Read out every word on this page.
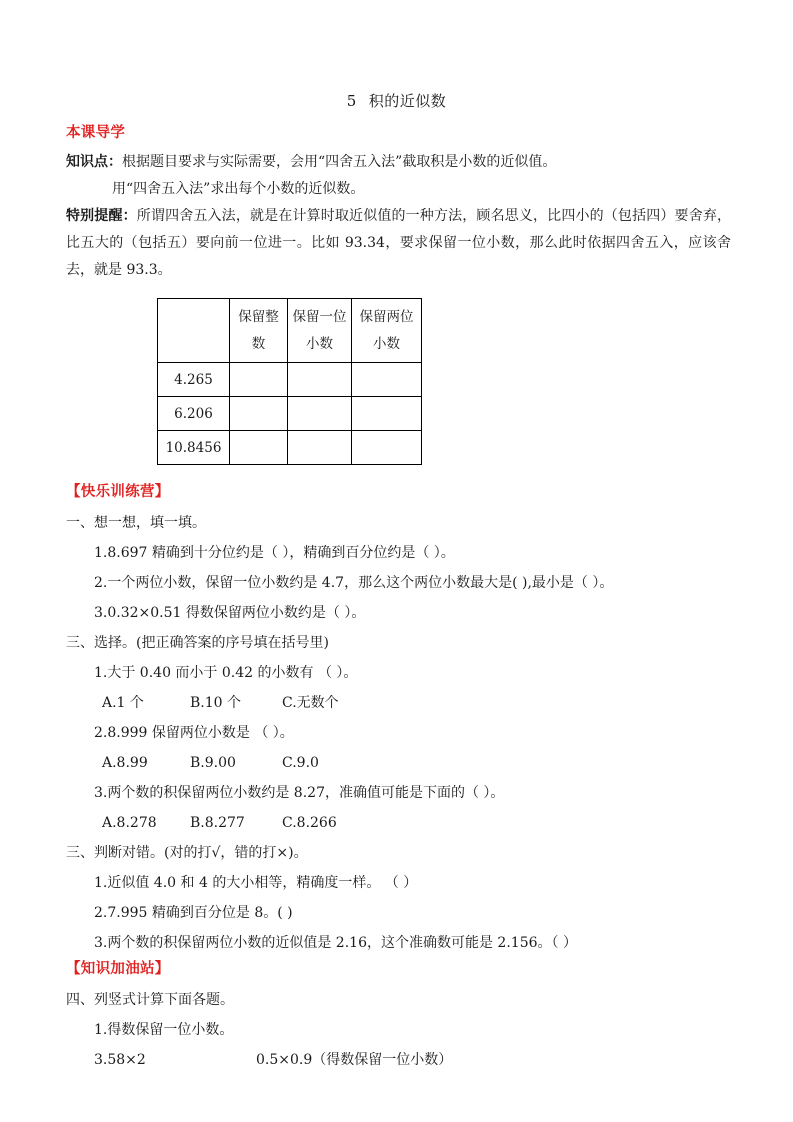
5 积的近似数
本课导学

知识点：根据题目要求与实际需要，会用“四舍五入法”截取积是小数的近似值。

用“四舍五入法”求出每个小数的近似数。

特别提醒：所谓四舍五入法，就是在计算时取近似值的一种方法，顾名思义，比四小的（包括四）要舍弃，比五大的（包括五）要向前一位进一。比如 93.34，要求保留一位小数，那么此时依据四舍五入，应该舍去，就是 93.3。

	保留整数	保留一位小数	保留两位小数
4.265			
6.206			
10.8456			
【快乐训练营】

一、想一想，填一填。

1.8.697 精确到十分位约是（ ），精确到百分位约是（ ）。

2.一个两位小数，保留一位小数约是 4.7，那么这个两位小数最大是( ),最小是（ ）。

3.0.32×0.51 得数保留两位小数约是（ ）。

三、选择。(把正确答案的序号填在括号里)

1.大于 0.40 而小于 0.42 的小数有 （ ）。

A.1 个	B.10 个	C.无数个

2.8.999 保留两位小数是 （ ）。

A.8.99	B.9.00	C.9.0

3.两个数的积保留两位小数约是 8.27，准确值可能是下面的（ ）。

A.8.278 B.8.277	C.8.266

三、判断对错。(对的打√，错的打×)。

1.近似值 4.0 和 4 的大小相等，精确度一样。 （ ）

2.7.995 精确到百分位是 8。( )

3.两个数的积保留两位小数的近似值是 2.16，这个准确数可能是 2.156。（ ）

【知识加油站】

四、列竖式计算下面各题。

1.得数保留一位小数。

3.58×2	0.5×0.9（得数保留一位小数）
